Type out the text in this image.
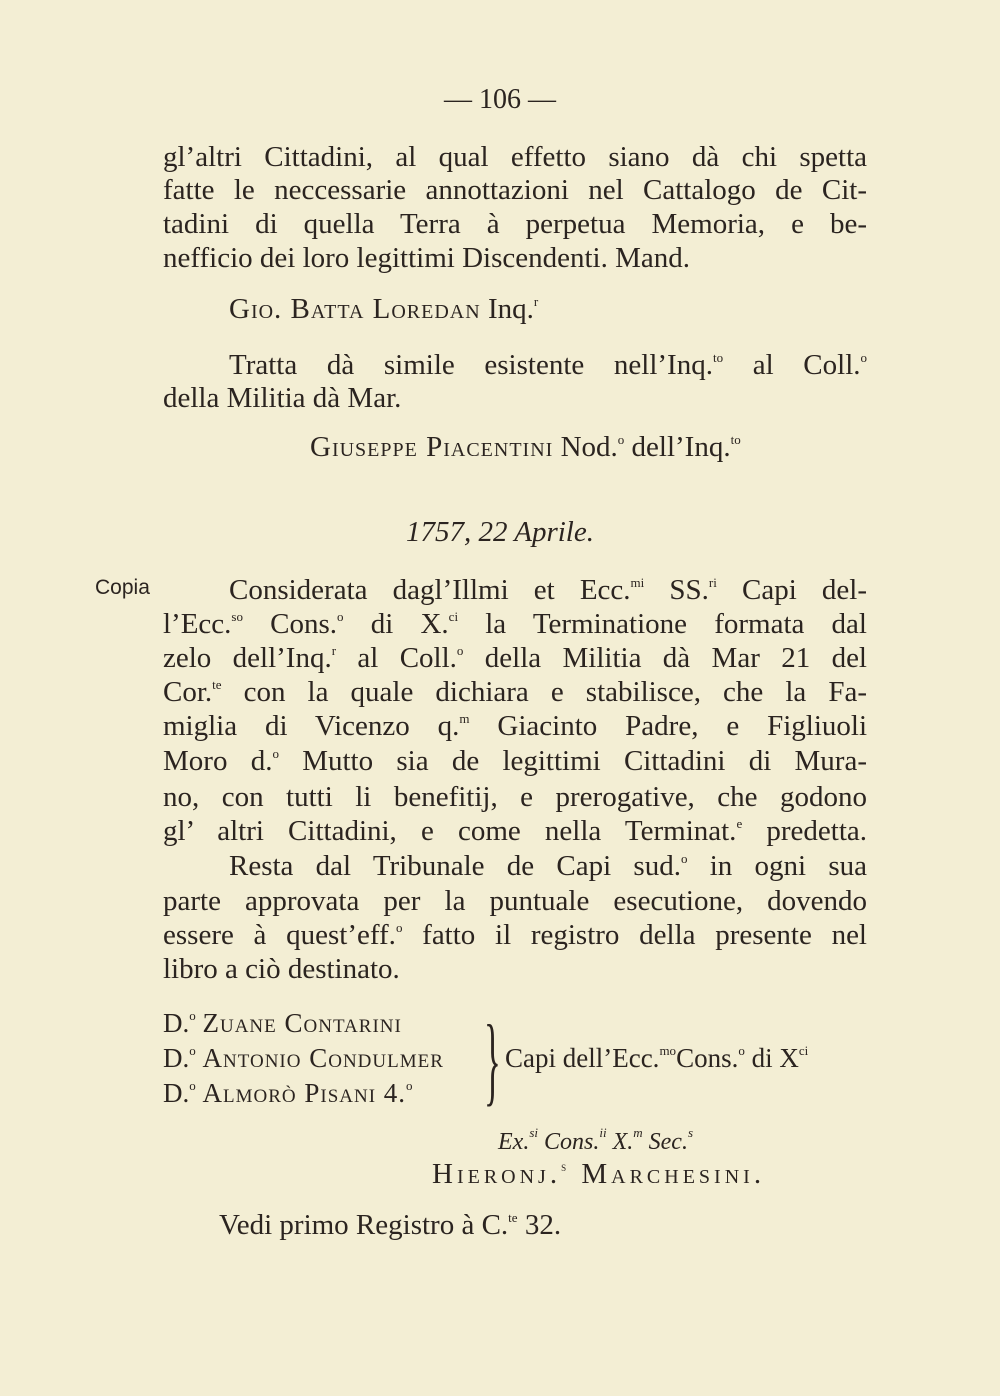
— 106 —
gl’altri Cittadini, al qual effetto siano dà chi spetta
fatte le neccessarie annottazioni nel Cattalogo de Cit-
tadini di quella Terra à perpetua Memoria, e be-
nefficio dei loro legittimi Discendenti. Mand.
Gio. Batta Loredan Inq.$^r$
Tratta dà simile esistente nell’Inq.$^{to}$ al Coll.$^o$
della Militia dà Mar.
Giuseppe Piacentini Nod.$^o$ dell’Inq.$^{to}$
1757, 22 Aprile.
Copia	Considerata dagl’Illmi et Ecc.$^{mi}$ SS.$^{ri}$ Capi del-
l’Ecc.$^{so}$ Cons.$^o$ di X.$^{ci}$ la Terminatione formata dal
zelo dell’Inq.$^r$ al Coll.$^o$ della Militia dà Mar 21 del
Cor.$^{te}$ con la quale dichiara e stabilisce, che la Fa-
miglia di Vicenzo q.$^m$ Giacinto Padre, e Figliuoli
Moro d.$^o$ Mutto sia de legittimi Cittadini di Mura-
no, con tutti li benefitij, e prerogative, che godono
gl’ altri Cittadini, e come nella Terminat.$^e$ predetta.
Resta dal Tribunale de Capi sud.$^o$ in ogni sua
parte approvata per la puntuale esecutione, dovendo
essere à quest’eff.$^o$ fatto il registro della presente nel
libro a ciò destinato.
D.$^o$ Zuane Contarini
D.$^o$ Antonio Condulmer
D.$^o$ Almorò Pisani 4.$^o$ } Capi dell’Ecc.$^{mo}$Cons.$^o$ di $X^{ci}$
Ex.$^{si}$ Cons.$^{ii}$ X.$^m$ Sec.$^s$
Hieronj.$^s$ Marchesini.
Vedi primo Registro à C.$^{te}$ 32.
